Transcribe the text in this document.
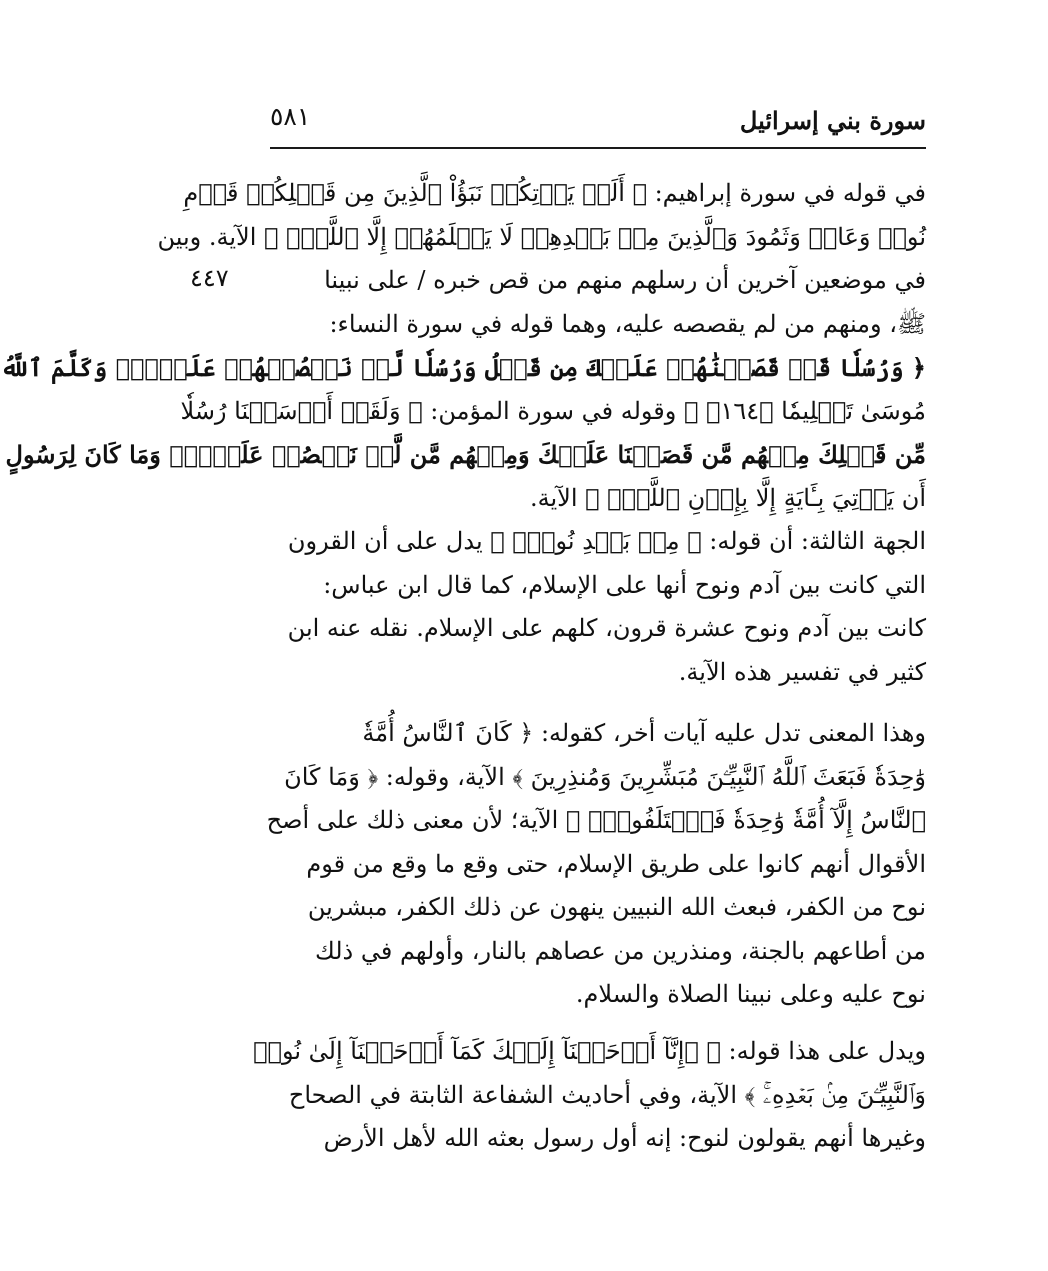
٥٨١	سورة بني إسرائيل
٤٤٧
في قوله في سورة إبراهيم: ﴿ أَلَمۡ يَأۡتِكُمۡ نَبَؤُاْ ٱلَّذِينَ مِن قَبۡلِكُمۡ قَوۡمِ
نُوحٖ وَعَادٖ وَثَمُودَ وَٱلَّذِينَ مِنۢ بَعۡدِهِمۡ لَا يَعۡلَمُهُمۡ إِلَّا ٱللَّهُۚ ﴾ الآية. وبين
في موضعين آخرين أن رسلهم منهم من قص خبره / على نبينا
ﷺ، ومنهم من لم يقصصه عليه، وهما قوله في سورة النساء:
﴿ وَرُسُلٗا قَدۡ قَصَصۡنَٰهُمۡ عَلَيۡكَ مِن قَبۡلُ وَرُسُلٗا لَّمۡ نَقۡصُصۡهُمۡ عَلَيۡكَۚ وَكَلَّمَ ٱللَّهُ
مُوسَىٰ تَكۡلِيمٗا ﴿١٦٤﴾ ﴾ وقوله في سورة المؤمن: ﴿ وَلَقَدۡ أَرۡسَلۡنَا رُسُلٗا
مِّن قَبۡلِكَ مِنۡهُم مَّن قَصَصۡنَا عَلَيۡكَ وَمِنۡهُم مَّن لَّمۡ نَقۡصُصۡ عَلَيۡكَۗ وَمَا كَانَ لِرَسُولٍ
أَن يَأۡتِيَ بِـَٔايَةٍ إِلَّا بِإِذۡنِ ٱللَّهِۚ ﴾ الآية.
الجهة الثالثة: أن قوله: ﴿ مِنۢ بَعۡدِ نُوحٖۗ ﴾ يدل على أن القرون
التي كانت بين آدم ونوح أنها على الإسلام، كما قال ابن عباس:
كانت بين آدم ونوح عشرة قرون، كلهم على الإسلام. نقله عنه ابن
كثير في تفسير هذه الآية.
وهذا المعنى تدل عليه آيات أخر، كقوله: ﴿ كَانَ ٱلنَّاسُ أُمَّةٗ
وَٰحِدَةٗ فَبَعَثَ ٱللَّهُ ٱلنَّبِيِّـۧنَ مُبَشِّرِينَ وَمُنذِرِينَ ﴾ الآية، وقوله: ﴿ وَمَا كَانَ
ٱلنَّاسُ إِلَّآ أُمَّةٗ وَٰحِدَةٗ فَٱخۡتَلَفُواْۚ ﴾ الآية؛ لأن معنى ذلك على أصح
الأقوال أنهم كانوا على طريق الإسلام، حتى وقع ما وقع من قوم
نوح من الكفر، فبعث الله النبيين ينهون عن ذلك الكفر، مبشرين
من أطاعهم بالجنة، ومنذرين من عصاهم بالنار، وأولهم في ذلك
نوح عليه وعلى نبينا الصلاة والسلام.
ويدل على هذا قوله: ﴿ ۞إِنَّآ أَوۡحَيۡنَآ إِلَيۡكَ كَمَآ أَوۡحَيۡنَآ إِلَىٰ نُوحٖ
وَٱلنَّبِيِّـۧنَ مِنۢ بَعۡدِهِۦۚ ﴾ الآية، وفي أحاديث الشفاعة الثابتة في الصحاح
وغيرها أنهم يقولون لنوح: إنه أول رسول بعثه الله لأهل الأرض
